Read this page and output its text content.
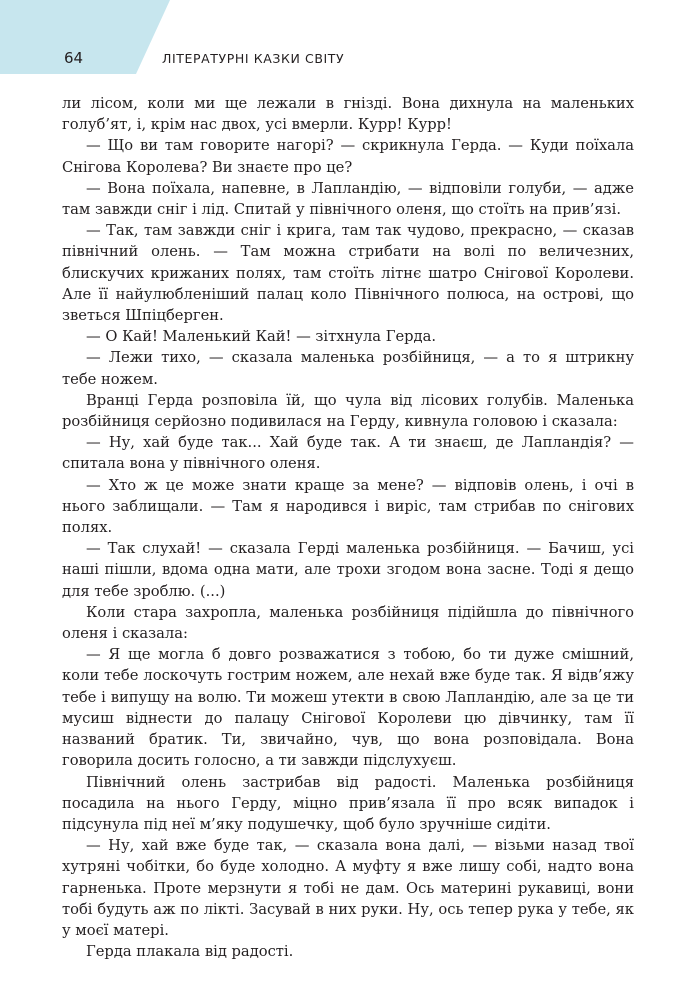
64	ЛІТЕРАТУРНІ КАЗКИ СВІТУ

ли лісом, коли ми ще лежали в гнізді. Вона дихнула на маленьких голуб’ят, і, крім нас двох, усі вмерли. Курр! Курр!

— Що ви там говорите нагорі? — скрикнула Герда. — Куди поїхала Снігова Королева? Ви знаєте про це?

— Вона поїхала, напевне, в Лапландію, — відповіли голуби, — адже там завжди сніг і лід. Спитай у північного оленя, що стоїть на прив’язі.

— Так, там завжди сніг і крига, там так чудово, прекрасно, — сказав північний олень. — Там можна стрибати на волі по величезних, блискучих крижаних полях, там стоїть літнє шатро Снігової Королеви. Але її найулюбленіший палац коло Північного полюса, на острові, що зветься Шпіцберген.

— О Кай! Маленький Кай! — зітхнула Герда.

— Лежи тихо, — сказала маленька розбійниця, — а то я штрикну тебе ножем.

Вранці Герда розповіла їй, що чула від лісових голубів. Маленька розбійниця серйозно подивилася на Герду, кивнула головою і сказала:

— Ну, хай буде так... Хай буде так. А ти знаєш, де Лапландія? — спитала вона у північного оленя.

— Хто ж це може знати краще за мене? — відповів олень, і очі в нього заблищали. — Там я народився і виріс, там стрибав по сніговиx полях.

— Так слухай! — сказала Герді маленька розбійниця. — Бачиш, усі наші пішли, вдома одна мати, але трохи згодом вона засне. Тоді я дещо для тебе зроблю. (...)

Коли стара захропла, маленька розбійниця підійшла до північного оленя і сказала:

— Я ще могла б довго розважатися з тобою, бо ти дуже смішний, коли тебе лоскочуть гострим ножем, але нехай вже буде так. Я відв’яжу тебе і випущу на волю. Ти можеш утекти в свою Лапландію, але за це ти мусиш віднести до палацу Снігової Королеви цю дівчинку, там її названий братик. Ти, звичайно, чув, що вона розповідала. Вона говорила досить голосно, а ти завжди підслухуєш.

Північний олень застрибав від радості. Маленька розбійниця посадила на нього Герду, міцно прив’язала її про всяк випадок і підсунула під неї м’яку подушечку, щоб було зручніше сидіти.

— Ну, хай вже буде так, — сказала вона далі, — візьми назад твої хутряні чобітки, бо буде холодно. А муфту я вже лишу собі, надто вона гарненька. Проте мерзнути я тобі не дам. Ось материні рукавиці, вони тобі будуть аж по лікті. Засувай в них руки. Ну, ось тепер рука у тебе, як у моєї матері.

Герда плакала від радості.
